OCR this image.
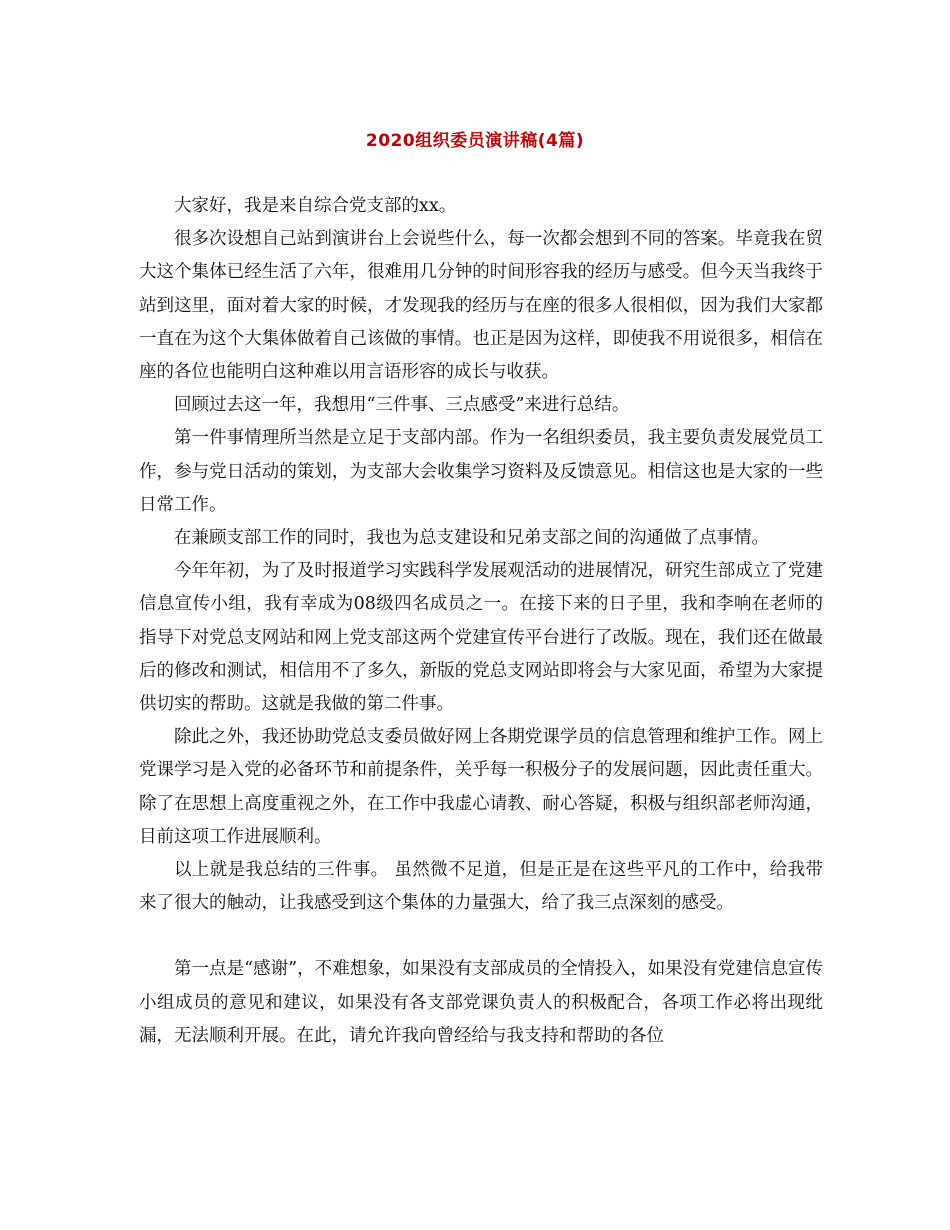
2020组织委员演讲稿(4篇)

大家好，我是来自综合党支部的xx。

很多次设想自己站到演讲台上会说些什么，每一次都会想到不同的答案。毕竟我在贸大这个集体已经生活了六年，很难用几分钟的时间形容我的经历与感受。但今天当我终于站到这里，面对着大家的时候，才发现我的经历与在座的很多人很相似，因为我们大家都一直在为这个大集体做着自己该做的事情。也正是因为这样，即使我不用说很多，相信在座的各位也能明白这种难以用言语形容的成长与收获。

回顾过去这一年，我想用“三件事、三点感受”来进行总结。

第一件事情理所当然是立足于支部内部。作为一名组织委员，我主要负责发展党员工作，参与党日活动的策划，为支部大会收集学习资料及反馈意见。相信这也是大家的一些日常工作。

在兼顾支部工作的同时，我也为总支建设和兄弟支部之间的沟通做了点事情。

今年年初，为了及时报道学习实践科学发展观活动的进展情况，研究生部成立了党建信息宣传小组，我有幸成为08级四名成员之一。在接下来的日子里，我和李响在老师的指导下对党总支网站和网上党支部这两个党建宣传平台进行了改版。现在，我们还在做最后的修改和测试，相信用不了多久，新版的党总支网站即将会与大家见面，希望为大家提供切实的帮助。这就是我做的第二件事。

除此之外，我还协助党总支委员做好网上各期党课学员的信息管理和维护工作。网上党课学习是入党的必备环节和前提条件，关乎每一积极分子的发展问题，因此责任重大。除了在思想上高度重视之外，在工作中我虚心请教、耐心答疑，积极与组织部老师沟通，目前这项工作进展顺利。

以上就是我总结的三件事。 虽然微不足道，但是正是在这些平凡的工作中，给我带来了很大的触动，让我感受到这个集体的力量强大，给了我三点深刻的感受。

第一点是“感谢”，不难想象，如果没有支部成员的全情投入，如果没有党建信息宣传小组成员的意见和建议，如果没有各支部党课负责人的积极配合，各项工作必将出现纰漏，无法顺利开展。在此，请允许我向曾经给与我支持和帮助的各位
